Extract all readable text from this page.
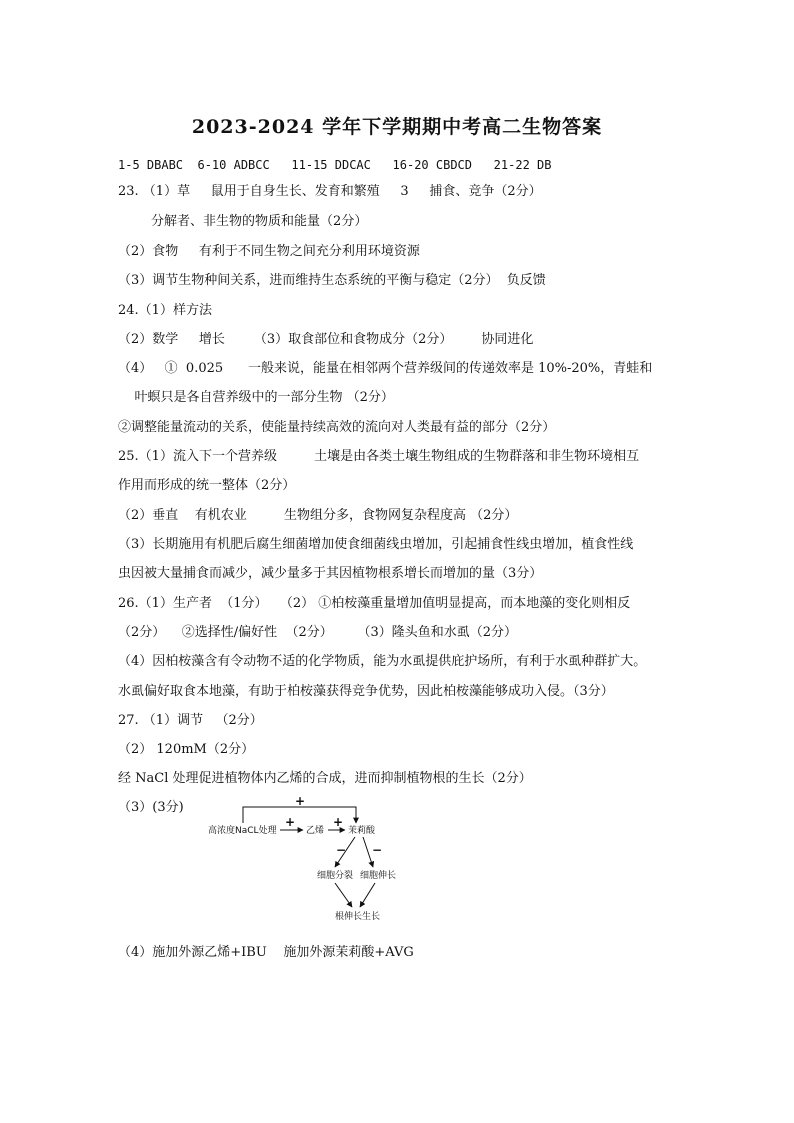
2023-2024 学年下学期期中考高二生物答案
1-5 DBABC  6-10 ADBCC   11-15 DDCAC   16-20 CBDCD   21-22 DB
23. （1）草     鼠用于自身生长、发育和繁殖     3     捕食、竞争（2分）
分解者、非生物的物质和能量（2分）
（2）食物     有利于不同生物之间充分利用环境资源
（3）调节生物种间关系，进而维持生态系统的平衡与稳定（2分）  负反馈
24.（1）样方法
（2）数学     增长       （3）取食部位和食物成分（2分）       协同进化
（4）   ①  0.025      一般来说，能量在相邻两个营养级间的传递效率是 10%-20%，青蛙和
叶螟只是各自营养级中的一部分生物 （2分）
②调整能量流动的关系，使能量持续高效的流向对人类最有益的部分（2分）
25.（1）流入下一个营养级         土壤是由各类土壤生物组成的生物群落和非生物环境相互
作用而形成的统一整体（2分）
（2）垂直    有机农业         生物组分多，食物网复杂程度高 （2分）
（3）长期施用有机肥后腐生细菌增加使食细菌线虫增加，引起捕食性线虫增加，植食性线
虫因被大量捕食而减少，减少量多于其因植物根系增长而增加的量（3分）
26.（1）生产者  （1分）   （2） ①柏桉藻重量增加值明显提高，而本地藻的变化则相反
（2分）    ②选择性/偏好性  （2分）      （3）隆头鱼和水虱（2分）
（4）因柏桉藻含有令动物不适的化学物质，能为水虱提供庇护场所，有利于水虱种群扩大。
水虱偏好取食本地藻，有助于柏桉藻获得竞争优势，因此柏桉藻能够成功入侵。（3分）
27. （1）调节   （2分）
（2） 120mM（2分）
经 NaCl 处理促进植物体内乙烯的合成，进而抑制植物根的生长（2分）
（3）(3分)	+
高浓度NaCL处理
+
乙烯
+
茉莉酸
− −
细胞分裂 细胞伸长
根伸长生长
（4）施加外源乙烯+IBU    施加外源茉莉酸+AVG
